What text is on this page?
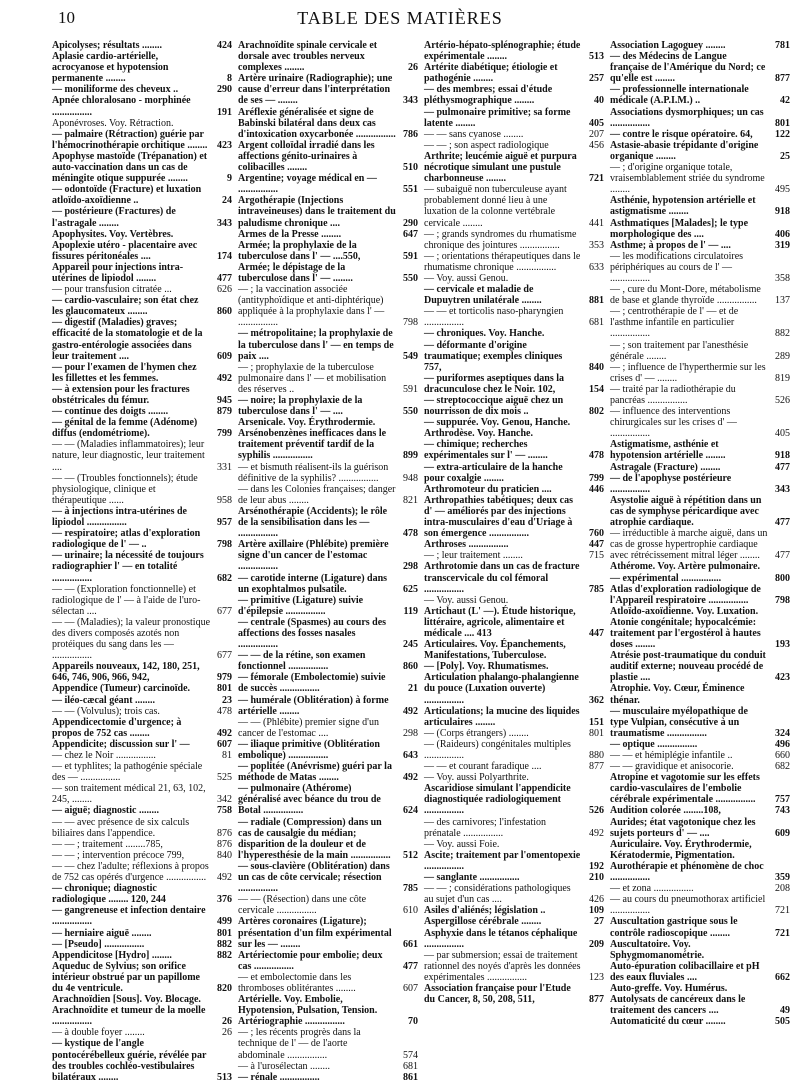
10	TABLE DES MATIÈRES
Apicolyses; résultats ........	424
Aplasie cardio-artérielle, acrocyanose et hypotension permanente ........	8
— moniliforme des cheveux ..	290
Apnée chloralosano - morphinée ................	191
Aponévroses. Voy. Rétraction.
— palmaire (Rétraction) guérie par l'hémocrinothérapie orchitique ........ 423
Apophyse mastoïde (Trépanation) et auto-vaccination dans un cas de méningite otique suppurée ........	9
— odontoïde (Fracture) et luxation atloïdo-axoïdienne ..	24
— postérieure (Fractures) de l'astragale ........	343
Apophysites. Voy. Vertèbres.
Apoplexie utéro - placentaire avec fissures péritonéales ....	174
Appareil pour injections intra-utérines de lipiodol ........	477
— pour transfusion citratée ...	626
— cardio-vasculaire; son état chez les glaucomateux ........	860
— digestif (Maladies) graves; efficacité de la stomatologie et de la gastro-entérologie associées dans leur traitement ....	609
— pour l'examen de l'hymen chez les fillettes et les femmes.	492
— à extension pour les fractures obstétricales du fémur.	945
— continue des doigts ........	879
— génital de la femme (Adénome) diffus (endométriome).	799
— — (Maladies inflammatoires); leur nature, leur diagnostic, leur traitement ....	331
— — (Troubles fonctionnels); étude physiologique, clinique et thérapeutique ......	958
— à injections intra-utérines de lipiodol ................	957
— respiratoire; atlas d'exploration radiologique de l' — ..	798
— urinaire; la nécessité de toujours radiographier l' — en totalité ................	682
— — (Exploration fonctionnelle) et radiologique de l' — à l'aide de l'uro-sélectan ....	677
— — (Maladies); la valeur pronostique des divers composés azotés non protéiques du sang dans les — ................	677
Appareils nouveaux, 142, 180, 251, 646, 746, 906, 966, 942,	979
Appendice (Tumeur) carcinoïde.	801
— iléo-cæcal géant ........	23
— — (Volvulus); trois cas.	478
Appendicectomie d'urgence; à propos de 752 cas ........	492
Appendicite; discussion sur l' —	607
— chez le Noir ................	81
— et typhlites; la pathogénie spéciale des — ................	525
— son traitement médical 21, 63, 102, 245, ........	342
— aiguë; diagnostic ........	758
— — avec présence de six calculs biliaires dans l'appendice.	876
— — ; traitement ........785,	876
— — ; intervention précoce 799,	840
— — chez l'adulte; réflexions à propos de 752 cas opérés d'urgence ................ 492
— chronique; diagnostic radiologique ........ 120, 244	376
— gangreneuse et infection dentaire ................	499
— herniaire aiguë ........	801
— [Pseudo] ................	882
Appendicitose [Hydro] ........	882
Aqueduc de Sylvius; son orifice intérieur obstrué par un papillome du 4e ventricule.	820
Arachnoïdien [Sous]. Voy. Blocage.
Arachnoïdite et tumeur de la moelle ................	26
— à double foyer ........	26
— kystique de l'angle pontocérébelleux guérie, révélée par des troubles cochléo-vestibulaires bilatéraux ........	513
Arachnoïdite spinale cervicale et dorsale avec troubles nerveux complexes ........	26
Artère urinaire (Radiographie); une cause d'erreur dans l'interprétation de ses — ........	343
Aréflexie généralisée et signe de Babinski bilatéral dans deux cas d'intoxication oxycarbonée ................ 786
Argent colloïdal irradié dans les affections génito-urinaires à colibacilles ........	510
Argentine; voyage médical en — ................	551
Argothérapie (Injections intraveineuses) dans le traitement du paludisme chronique ....	290
Armes de la Presse ........	647
Armée; la prophylaxie de la tuberculose dans l' — ....550,	591
Armée; le dépistage de la tuberculose dans l' — ........	550
— ; la vaccination associée (antityphoïdique et anti-diphtérique) appliquée à la prophylaxie dans l' — ................	798
— métropolitaine; la prophylaxie de la tuberculose dans l' — en temps de paix ....	549
— ; prophylaxie de la tuberculose pulmonaire dans l' — et mobilisation des réserves ..	591
— noire; la prophylaxie de la tuberculose dans l' — ....	550
Arsenicale. Voy. Érythrodermie.
Arsénobenzènes inefficaces dans le traitement préventif tardif de la syphilis ................	899
— et bismuth réalisent-ils la guérison définitive de la syphilis? ................ 948
— dans les Colonies françaises; danger de leur abus ........	821
Arsénothérapie (Accidents); le rôle de la sensibilisation dans les — ................	478
Artère axillaire (Phlébite) première signe d'un cancer de l'estomac ................	298
— carotide interne (Ligature) dans un exophtalmos pulsatile.	625
— primitive (Ligature) suivie d'épilepsie ................	119
— centrale (Spasmes) au cours des affections des fosses nasales ................	245
— — de la rétine, son examen fonctionnel ................	860
— fémorale (Embolectomie) suivie de succès ................	21
— humérale (Oblitération) à forme artérielle ........	492
— — (Phlébite) premier signe d'un cancer de l'estomac ....	298
— iliaque primitive (Oblitération embolique) ................	643
— poplitée (Anévrisme) guéri par la méthode de Matas ........	492
— pulmonaire (Athérome) généralisé avec béance du trou de Botal ................	624
— radiale (Compression) dans un cas de causalgie du médian; disparition de la douleur et de l'hyperesthésie de la main ................ 512
— sous-clavière (Oblitération) dans un cas de côte cervicale; résection ................	785
— — (Résection) dans une côte cervicale ................	610
Artères coronaires (Ligature); présentation d'un film expérimental sur les — ........	661
Artériectomie pour embolie; deux cas ................	477
— et embolectomie dans les thromboses oblitérantes ........	607
Artérielle. Voy. Embolie, Hypotension, Pulsation, Tension.
Artériographie ................	70
— ; les récents progrès dans la technique de l' — de l'aorte abdominale ................	574
— à l'urosélectan ........	681
— rénale ................	861
Artério-hépato-splénographie; étude expérimentale ........	513
Artérite diabétique; étiologie et pathogénie ........	257
— des membres; essai d'étude pléthysmographique ........	40
— pulmonaire primitive; sa forme latente ........	405
— — sans cyanose ........	207
— — ; son aspect radiologique	456
Arthrite; leucémie aiguë et purpura nécrotique simulant une pustule charbonneuse ........	721
— subaiguë non tuberculeuse ayant probablement donné lieu à une luxation de la colonne vertébrale cervicale ........	441
— ; grands syndromes du rhumatisme chronique des jointures ................	353
— ; orientations thérapeutiques dans le rhumatisme chronique ................	633
— Voy. aussi Genou.
— cervicale et maladie de Dupuytren unilatérale ........	881
— — et torticolis naso-pharyngien ................	681
— chroniques. Voy. Hanche.
— déformante d'origine traumatique; exemples cliniques 757,	840
— puriformes aseptiques dans la dracunculose chez le Noir. 102,	154
— streptococcique aiguë chez un nourrisson de dix mois ..	802
— suppurée. Voy. Genou, Hanche.
Arthrodèse. Voy. Hanche.
— chimique; recherches expérimentales sur l' — ........	478
— extra-articulaire de la hanche pour coxalgie ........	799
Arthromoteur du praticien ....	446
Arthropathies tabétiques; deux cas d' — améliorés par des injections intra-musculaires d'eau d'Uriage à son émergence ................	760
Arthroses ................	447
— ; leur traitement ........	715
Arthrotomie dans un cas de fracture transcervicale du col fémoral ................	785
— Voy. aussi Genou.
Artichaut (L' —). Étude historique, littéraire, agricole, alimentaire et médicale .... 413	447
Articulaires. Voy. Épanchements, Manifestations, Tuberculose.
— [Poly]. Voy. Rhumatismes.
Articulation phalango-phalangienne du pouce (Luxation ouverte) ................	362
Articulations; la mucine des liquides articulaires ........	151
— (Corps étrangers) ........	801
— (Raideurs) congénitales multiples ................	880
— — et courant faradique ....	877
— Voy. aussi Polyarthrite.
Ascaridiose simulant l'appendicite diagnostiquée radiologiquement ................	526
— des carnivores; l'infestation prénatale ................	492
— Voy. aussi Foie.
Ascite; traitement par l'omentopexie ................	192
— sanglante ................	210
— — ; considérations pathologiques au sujet d'un cas ....	426
Asiles d'aliénés; législation ..	109
Aspergillose cérébrale ........	27
Asphyxie dans le tétanos céphalique ................	209
— par submersion; essai de traitement rationnel des noyés d'après les données expérimentales ................	123
Association française pour l'Etude du Cancer, 8, 50, 208, 511,	877
Association Lagoguey ........	781
— des Médecins de Langue française de l'Amérique du Nord; ce qu'elle est ........	877
— professionnelle internationale médicale (A.P.I.M.) ..	42
Associations dysmorphiques; un cas ................	801
— contre le risque opératoire. 64, 122
Astasie-abasie trépidante d'origine organique ........	25
— ; d'origine organique totale, vraisemblablement striée du syndrome ........	495
Asthénie, hypotension artérielle et astigmatisme ........	918
Asthmatiques [Malades]; le type morphologique des ....	406
Asthme; à propos de l' — ....	319
— les modifications circulatoires périphériques au cours de l' — ................	358
— , cure du Mont-Dore, métabolisme de base et glande thyroïde ................ 137
— ; centrothérapie de l' — et de l'asthme infantile en particulier ................	882
— ; son traitement par l'anesthésie générale ........	289
— ; influence de l'hyperthermie sur les crises d' — ........	819
— traité par la radiothérapie du pancréas ................	526
— influence des interventions chirurgicales sur les crises d' — ................	405
Astigmatisme, asthénie et hypotension artérielle ........	918
Astragale (Fracture) ........	477
— de l'apophyse postérieure ................	343
Asystolie aiguë à répétition dans un cas de symphyse péricardique avec atrophie cardiaque.	477
— irréductible à marche aiguë, dans un cas de grosse hypertrophie cardiaque avec rétrécissement mitral léger ........ 477
Athérome. Voy. Artère pulmonaire.
— expérimental ................	800
Atlas d'exploration radiologique de l'Appareil respiratoire ................	798
Atloïdo-axoïdienne. Voy. Luxation.
Atonie congénitale; hypocalcémie: traitement par l'ergostérol à hautes doses ........	193
Atrésie post-traumatique du conduit auditif externe; nouveau procédé de plastie ....	423
Atrophie. Voy. Cœur, Éminence thénar.
— musculaire myélopathique de type Vulpian, consécutive à un traumatisme ................	324
— optique ................	496
— — et hémiplégie infantile ..	660
— — gravidique et anisocorie.	682
Atropine et vagotomie sur les effets cardio-vasculaires de l'embolie cérébrale expérimentale ................ 757
Audition colorée ........108,	743
Aurides; état vagotonique chez les sujets porteurs d' — ....	609
Auriculaire. Voy. Érythrodermie, Kératodermie, Pigmentation.
Aurothérapie et phénomène de choc ................	359
— et zona ................	208
— au cours du pneumothorax artificiel ................	721
Auscultation gastrique sous le contrôle radioscopique ........	721
Auscultatoire. Voy. Sphygmomanométrie.
Auto-épuration colibacillaire et pH des eaux fluviales ....	662
Auto-greffe. Voy. Humérus.
Autolysats de cancéreux dans le traitement des cancers ....	49
Automaticité du cœur ........	505
